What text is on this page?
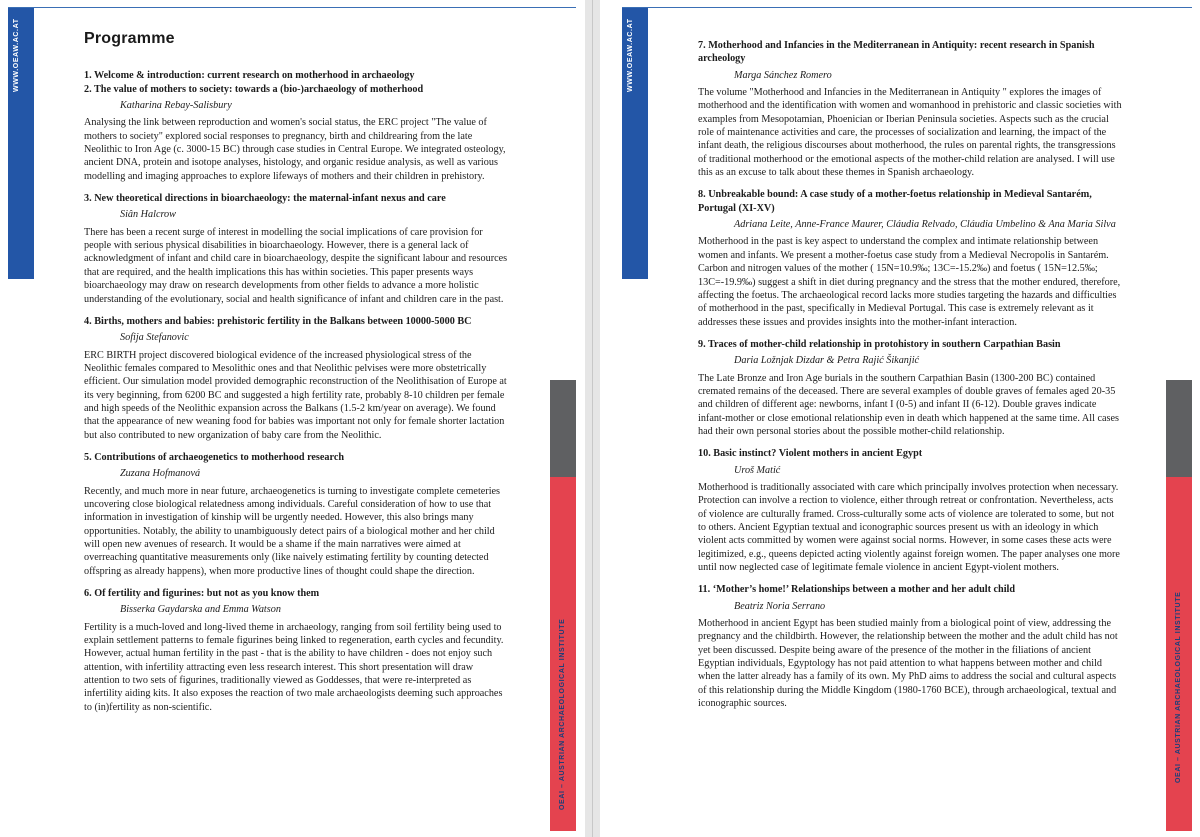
WWW.OEAW.AC.AT
OEAI – AUSTRIAN ARCHAEOLOGICAL INSTITUTE
WWW.OEAW.AC.AT
OEAI – AUSTRIAN ARCHAEOLOGICAL INSTITUTE
Programme

1. Welcome & introduction: current research on motherhood in archaeology

2. The value of mothers to society: towards a (bio-)archaeology of motherhood

Katharina Rebay-Salisbury

Analysing the link between reproduction and women's social status, the ERC project "The value of mothers to society" explored social responses to pregnancy, birth and childrearing from the late Neolithic to Iron Age (c. 3000-15 BC) through case studies in Central Europe. We integrated osteology, ancient DNA, protein and isotope analyses, histology, and organic residue analysis, as well as various modelling and imaging approaches to explore lifeways of mothers and their children in prehistory.

3. New theoretical directions in bioarchaeology: the maternal-infant nexus and care

Siân Halcrow

There has been a recent surge of interest in modelling the social implications of care provision for people with serious physical disabilities in bioarchaeology. However, there is a general lack of acknowledgment of infant and child care in bioarchaeology, despite the significant labour and resources that are required, and the health implications this has within societies. This paper presents ways bioarchaeology may draw on research developments from other fields to advance a more holistic understanding of the evolutionary, social and health significance of infant and children care in the past.

4. Births, mothers and babies: prehistoric fertility in the Balkans between 10000-5000 BC

Sofija Stefanovic

ERC BIRTH project discovered biological evidence of the increased physiological stress of the Neolithic females compared to Mesolithic ones and that Neolithic pelvises were more obstetrically efficient. Our simulation model provided demographic reconstruction of the Neolithisation of Europe at its very beginning, from 6200 BC and suggested a high fertility rate, probably 8-10 children per female and high speeds of the Neolithic expansion across the Balkans (1.5-2 km/year on average). We found that the appearance of new weaning food for babies was important not only for female shorter lactation but also contributed to new organization of baby care from the Neolithic.

5. Contributions of archaeogenetics to motherhood research

Zuzana Hofmanová

Recently, and much more in near future, archaeogenetics is turning to investigate complete cemeteries uncovering close biological relatedness among individuals. Careful consideration of how to use that information in investigation of kinship will be urgently needed. However, this also brings many opportunities. Notably, the ability to unambiguously detect pairs of a biological mother and her child will open new avenues of research. It would be a shame if the main narratives were aimed at overreaching quantitative measurements only (like naively estimating fertility by counting detected offspring as already happens), when more productive lines of thought could shape the direction.

6. Of fertility and figurines: but not as you know them

Bisserka Gaydarska and Emma Watson

Fertility is a much-loved and long-lived theme in archaeology, ranging from soil fertility being used to explain settlement patterns to female figurines being linked to regeneration, earth cycles and fecundity. However, actual human fertility in the past - that is the ability to have children - does not enjoy such attention, with infertility attracting even less research interest. This short presentation will draw attention to two sets of figurines, traditionally viewed as Goddesses, that were re-interpreted as infertility aiding kits. It also exposes the reaction of two male archaeologists deeming such approaches to (in)fertility as non-scientific.

7. Motherhood and Infancies in the Mediterranean in Antiquity: recent research in Spanish archeology

Marga Sánchez Romero

The volume "Motherhood and Infancies in the Mediterranean in Antiquity " explores the images of motherhood and the identification with women and womanhood in prehistoric and classic societies with examples from Mesopotamian, Phoenician or Iberian Peninsula societies. Aspects such as the crucial role of maintenance activities and care, the processes of socialization and learning, the impact of the infant death, the religious discourses about motherhood, the rules on parental rights, the transgressions of traditional motherhood or the emotional aspects of the mother-child relation are analysed. I will use this as an excuse to talk about these themes in Spanish archaeology.

8. Unbreakable bound: A case study of a mother-foetus relationship in Medieval Santarém, Portugal (XI-XV)

Adriana Leite, Anne-France Maurer, Cláudia Relvado, Cláudia Umbelino & Ana Maria Silva

Motherhood in the past is key aspect to understand the complex and intimate relationship between women and infants. We present a mother-foetus case study from a Medieval Necropolis in Santarém. Carbon and nitrogen values of the mother ( 15N=10.9‰; 13C=-15.2‰) and foetus ( 15N=12.5‰; 13C=-19.9‰) suggest a shift in diet during pregnancy and the stress that the mother endured, therefore, affecting the foetus. The archaeological record lacks more studies targeting the hazards and difficulties of motherhood in the past, specifically in Medieval Portugal. This case is extremely relevant as it addresses these issues and provides insights into the mother-infant interaction.

9. Traces of mother-child relationship in protohistory in southern Carpathian Basin

Daria Ložnjak Dizdar & Petra Rajić Šikanjić

The Late Bronze and Iron Age burials in the southern Carpathian Basin (1300-200 BC) contained cremated remains of the deceased. There are several examples of double graves of females aged 20-35 and children of different age: newborns, infant I (0-5) and infant II (6-12). Double graves indicate infant-mother or close emotional relationship even in death which happened at the same time. All cases had their own personal stories about the possible mother-child relationship.

10. Basic instinct? Violent mothers in ancient Egypt

Uroš Matić

Motherhood is traditionally associated with care which principally involves protection when necessary. Protection can involve a rection to violence, either through retreat or confrontation. Nevertheless, acts of violence are culturally framed. Cross-culturally some acts of violence are tolerated to some, but not to others. Ancient Egyptian textual and iconographic sources present us with an ideology in which violent acts committed by women were against social norms. However, in some cases these acts were legitimized, e.g., queens depicted acting violently against foreign women. The paper analyses one more until now neglected case of legitimate female violence in ancient Egypt-violent mothers.

11. ‘Mother’s home!’ Relationships between a mother and her adult child

Beatriz Noria Serrano

Motherhood in ancient Egypt has been studied mainly from a biological point of view, addressing the pregnancy and the childbirth. However, the relationship between the mother and the adult child has not yet been discussed. Despite being aware of the presence of the mother in the filiations of ancient Egyptian individuals, Egyptology has not paid attention to what happens between mother and child when the latter already has a family of its own. My PhD aims to address the social and cultural aspects of this relationship during the Middle Kingdom (1980-1760 BCE), through archaeological, textual and iconographic sources.
